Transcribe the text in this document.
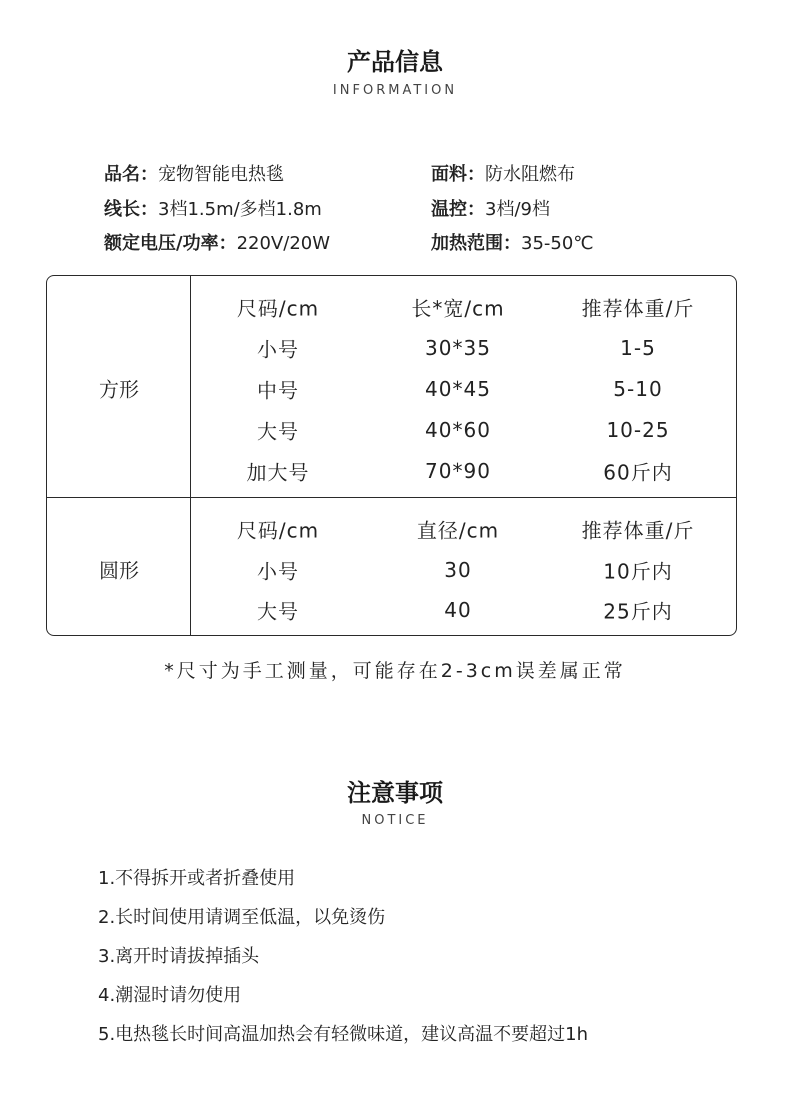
产品信息
INFORMATION
品名：宠物智能电热毯	面料：防水阻燃布
线长：3档1.5m/多档1.8m	温控：3档/9档
额定电压/功率：220V/20W	加热范围：35-50℃
方形
尺码/cm	长*宽/cm	推荐体重/斤
小号	30*35	1-5
中号	40*45	5-10
大号	40*60	10-25
加大号	70*90	60斤内
圆形
尺码/cm	直径/cm	推荐体重/斤
小号	30	10斤内
大号	40	25斤内
*尺寸为手工测量，可能存在2-3cm误差属正常
注意事项
NOTICE
1.不得拆开或者折叠使用
2.长时间使用请调至低温，以免烫伤
3.离开时请拔掉插头
4.潮湿时请勿使用
5.电热毯长时间高温加热会有轻微味道，建议高温不要超过1h
